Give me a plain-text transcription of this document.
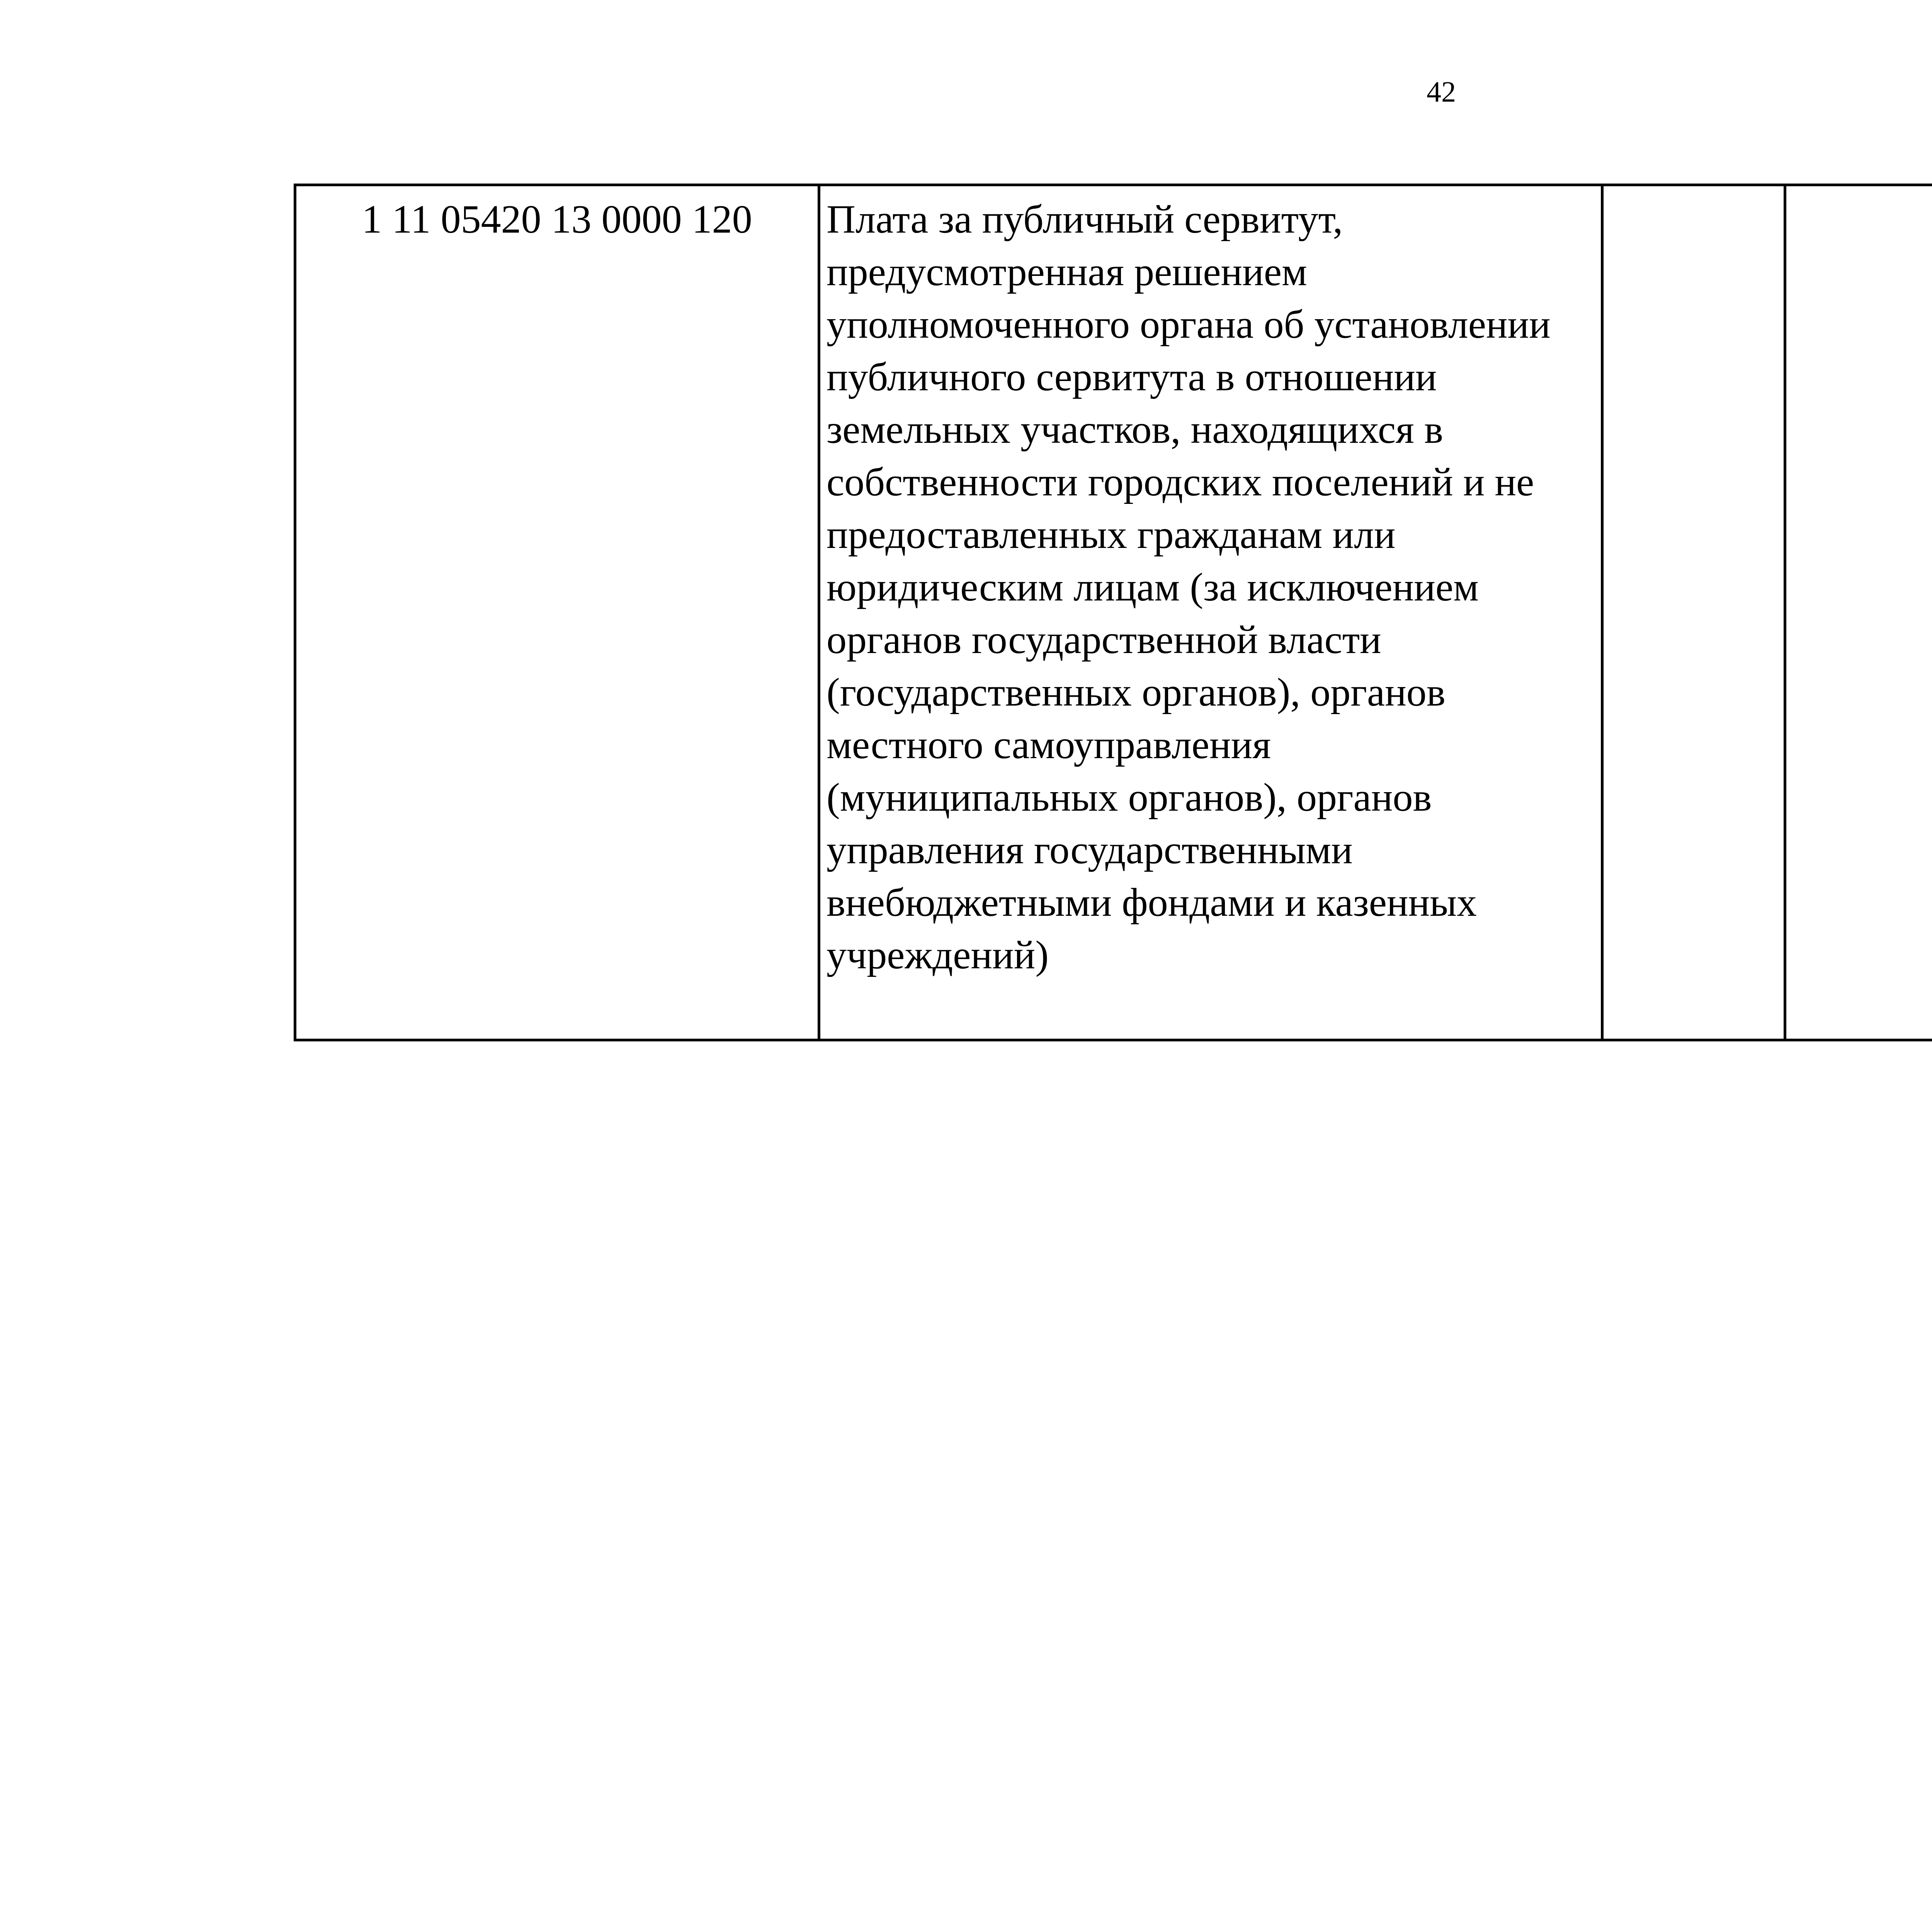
42
1 11 05420 13 0000 120	Плата за публичный сервитут,
предусмотренная решением
уполномоченного органа об установлении
публичного сервитута в отношении
земельных участков, находящихся в
собственности городских поселений и не
предоставленных гражданам или
юридическим лицам (за исключением
органов государственной власти
(государственных органов), органов
местного самоуправления
(муниципальных органов), органов
управления государственными
внебюджетными фондами и казенных
учреждений)
